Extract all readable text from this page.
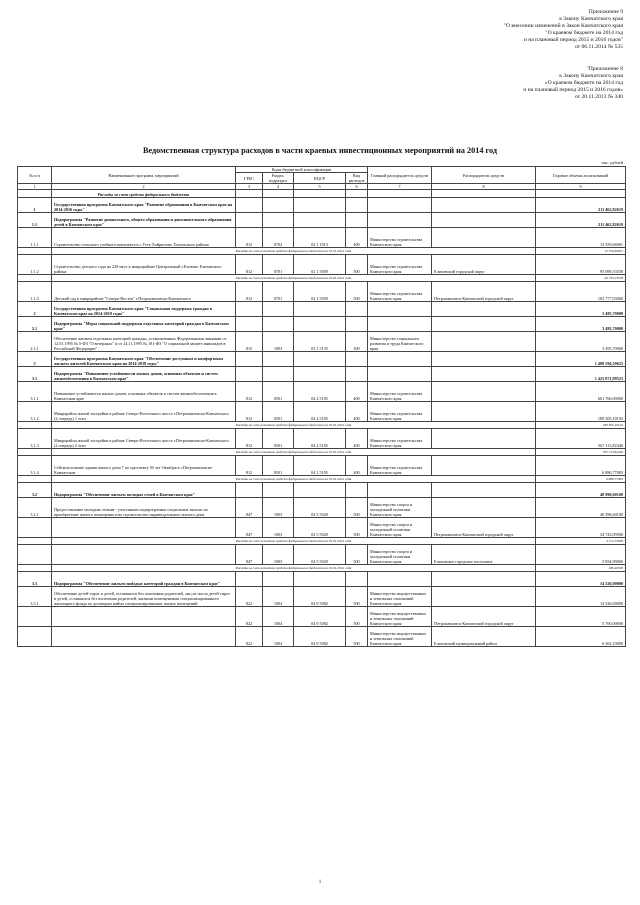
Приложение 9
к Закону Камчатского края
"О внесении изменений в Закон Камчатского края
"О краевом бюджете на 2014 год
и на плановый период 2015 и 2016 годов"
от 06.11.2014 № 535
"Приложение 8
к Закону Камчатского края
«О краевом бюджете на 2014 год
и на плановый период 2015 и 2016 годов»
от 20.11.2013 № 340
Ведомственная структура расходов в части краевых инвестиционных мероприятий на 2014 год
тыс. рублей
№ п/п	Наименование программ, мероприятий	Коды бюджетной классификации				Главный распорядитель средств	Распорядитель средств	Годовые объемы ассигнований
		ГРБС	Раздел, подраздел	КЦСР	Вид расходов			
1	2	3	4	5	6	7	8	9
	Расходы за счет средств федерального бюджета							
1	Государственная программа Камчатского края "Развитие образования в Камчатском крае на 2014-2016 годы"							211 462,82619
1.1	Подпрограмма "Развитие дошкольного, общего образования и дополнительного образования детей в Камчатском крае"							211 462,82619
1.1.1	Строительство сельского учебного комплекса в с.Усть-Хайрюзово Тигильского района	812	0702	02 1 1013	400	Министерство строительства Камчатского края		13 559,66001
	Расходы за счет остатков средств федерального бюджета на 01.01.2014 года							13 559,66001
1.1.2	Строительство детского сада на 220 мест в микрорайоне Центральный г.Елизово Елизовского района	812	0701	02 1 5059	500	Министерство строительства Камчатского края	Елизовский городской округ	95 099,53558
	Расходы за счет остатков средств федерального бюджета на 01.01.2014 года							20 733,13558
1.1.3	Детский сад в микрорайоне "Северо-Восток" г.Петропавловска-Камчатского	812	0701	02 1 5059	500	Министерство строительства Камчатского края	Петропавловск-Камчатский городской округ	102 777,93060
2	Государственная программа Камчатского края "Социальная поддержка граждан в Камчатском крае на 2014-2018 годы"							3 495,70000
2.1	Подпрограмма "Меры социальной поддержки отдельных категорий граждан в Камчатском крае"							3 495,70000
2.1.1	Обеспечение жильем отдельных категорий граждан, установленных Федеральными законами от 12.01.1995 № 5-ФЗ "О ветеранах" и от 24.11.1995 № 181-ФЗ "О социальной защите инвалидов в Российской Федерации"	815	1003	03 1 5135	300	Министерство социального развития и труда Камчатского края		3 495,70000
3	Государственная программа Камчатского края "Обеспечение доступным и комфортным жильем жителей Камчатского края на 2014-2018 годы"							1 480 594,59623
3.1	Подпрограмма "Повышение устойчивости жилых домов, основных объектов и систем жизнеобеспечения в Камчатском крае"							1 425 071,99523
3.1.1	Повышение устойчивости жилых домов, основных объектов и систем жизнеобеспечения в Камчатском крае	812	0501	04 2 5105	400	Министерство строительства Камчатского края		661 766,00000
3.1.2	Микрорайон жилой застройки в районе Северо-Восточного шоссе г.Петропавловска-Камчатского (2 очередь) 1 этап	812	0501	04 2 5105	400	Министерство строительства Камчатского края		189 305,10194
	Расходы за счет остатков средств федерального бюджета на 01.01.2014 года							189 305,10194
3.1.3	Микрорайон жилой застройки в районе Северо-Восточного шоссе г.Петропавловска-Камчатского (2 очередь) 2 этап	812	0501	04 2 5105	400	Министерство строительства Камчатского края		567 113,82446
	Расходы за счет остатков средств федерального бюджета на 01.01.2014 года							567 113,82446
3.1.4	Сейсмоусиление здания жилого дома 7 по проспекту 50 лет Октября в г.Петропавловске-Камчатском	812	0501	04 2 5105	400	Министерство строительства Камчатского края		6 886,77083
	Расходы за счет остатков средств федерального бюджета на 01.01.2014 года							6 886,77083
3.2	Подпрограмма "Обеспечение жильем молодых семей в Камчатском крае"							40 996,60100
3.2.1	Предоставление молодым семьям - участникам подпрограммы социальных выплат на приобретение жилого помещения или строительство индивидуального жилого дома	847	1003	04 5 5020	500	Министерство спорта и молодежной политики Камчатского края		40 396,60100
		847	1003	04 5 5020	500	Министерство спорта и молодежной политики Камчатского края	Петропавловск-Камчатский городской округ	34 743,09500
	Расходы за счет остатков средств федерального бюджета на 01.01.2014 года							4 172,75000
		847	1003	04 5 5020	500	Министерство спорта и молодежной политики Камчатского края	Елизовское городское поселение	5 854,99000
	Расходы за счет остатков средств федерального бюджета на 01.01.2014 года							186,46300
3.3	Подпрограмма "Обеспечение жильем molодых категорий граждан в Камчатском крае"							14 526,00000
3.3.1	Обеспечение детей-сирот и детей, оставшихся без попечения родителей, лиц из числа детей-сирот и детей, оставшихся без попечения родителей, жилыми помещениями специализированного жилищного фонда по договорам найма специализированных жилых помещений	822	1004	04 9 5082	500	Министерство имущественных и земельных отношений Камчатского края		14 526,00000
		822	1004	04 9 5082	500	Министерство имущественных и земельных отношений Камчатского края	Петропавловск-Камчатский городской округ	5 760,00000
		822	1004	04 9 5082	500	Министерство имущественных и земельных отношений Камчатского края	Елизовский муниципальный район	6 362,10000
1
